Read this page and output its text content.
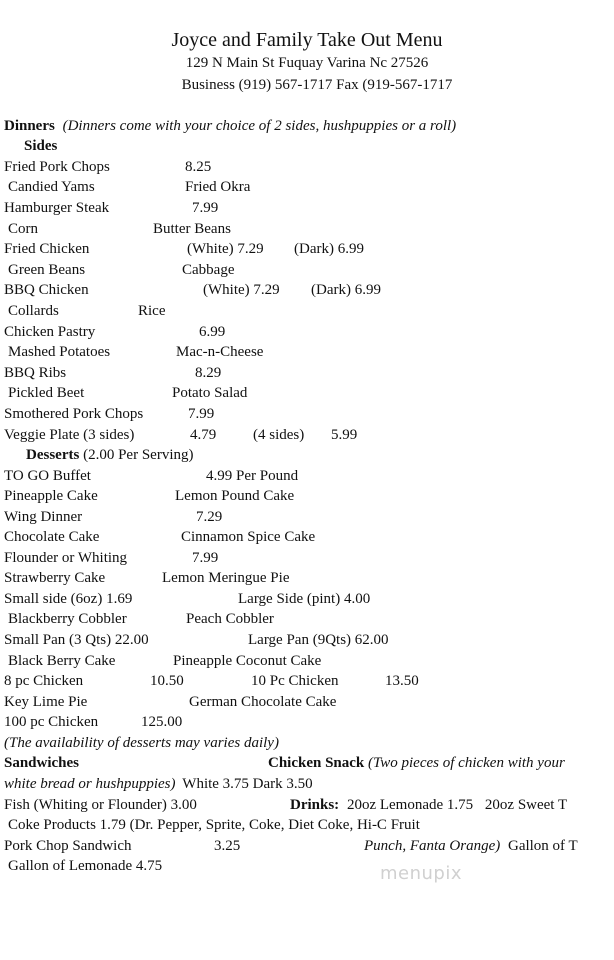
Joyce and Family Take Out Menu
129 N Main St Fuquay Varina Nc 27526
Business (919) 567-1717 Fax (919-567-1717
Dinners (Dinners come with your choice of 2 sides, hushpuppies or a roll)
Sides
Fried Pork Chops	8.25
Candied Yams	Fried Okra
Hamburger Steak	7.99
Corn	Butter Beans
Fried Chicken	(White) 7.29 (Dark) 6.99
Green Beans	Cabbage
BBQ Chicken	(White) 7.29 (Dark) 6.99
Collards	Rice
Chicken Pastry	6.99
Mashed Potatoes	Mac-n-Cheese
BBQ Ribs	8.29
Pickled Beet	Potato Salad
Smothered Pork Chops	7.99
Veggie Plate (3 sides)	4.79 (4 sides) 5.99
Desserts (2.00 Per Serving)
TO GO Buffet	4.99 Per Pound
Pineapple Cake	Lemon Pound Cake
Wing Dinner	7.29
Chocolate Cake	Cinnamon Spice Cake
Flounder or Whiting	7.99
Strawberry Cake	Lemon Meringue Pie
Small side (6oz) 1.69	Large Side (pint) 4.00
Blackberry Cobbler	Peach Cobbler
Small Pan (3 Qts) 22.00	Large Pan (9Qts) 62.00
Black Berry Cake	Pineapple Coconut Cake
8 pc Chicken	10.50	10 Pc Chicken	13.50
Key Lime Pie	German Chocolate Cake
100 pc Chicken	125.00
(The availability of desserts may varies daily)
Sandwiches	Chicken Snack (Two pieces of chicken with your
white bread or hushpuppies) White 3.75 Dark 3.50
Fish (Whiting or Flounder) 3.00	Drinks: 20oz Lemonade 1.75 20oz Sweet T
Coke Products 1.79 (Dr. Pepper, Sprite, Coke, Diet Coke, Hi-C Fruit
Pork Chop Sandwich	3.25	Punch, Fanta Orange) Gallon of T
Gallon of Lemonade 4.75	menupix
